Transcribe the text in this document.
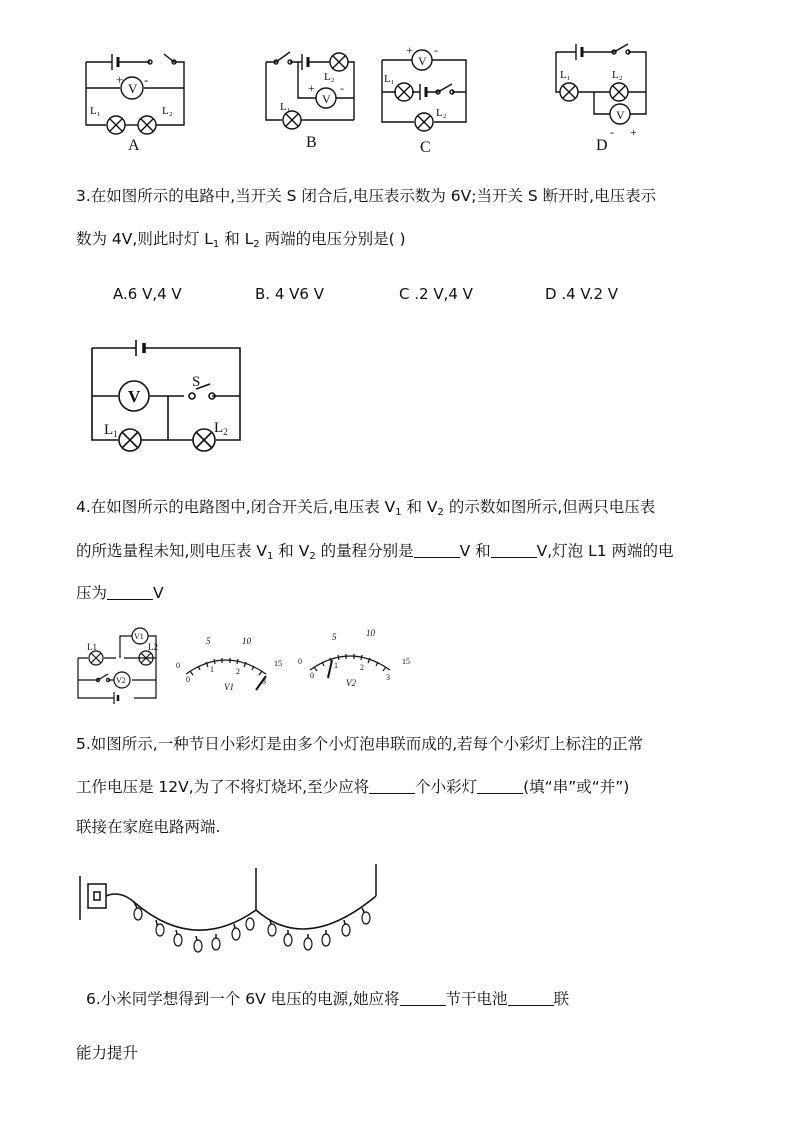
V
+ -
L₁	L₂
A
V
+ -
L₂
L₁
B
V
+ -
L₁
L₂
C
V
- +
L₁	L₂
D
3.在如图所示的电路中,当开关 S 闭合后,电压表示数为 6V;当开关 S 断开时,电压表示
数为 4V,则此时灯 $L_1$ 和 $L_2$ 两端的电压分别是( )
A.6 V,4 V	B. 4 V6 V	C .2 V,4 V	D .4 V.2 V
V
S
$L_1$	$L_2$
4.在如图所示的电路图中,闭合开关后,电压表 $V_1$ 和 $V_2$ 的示数如图所示,但两只电压表
的所选量程未知,则电压表 $V_1$ 和 $V_2$ 的量程分别是	V 和	V,灯泡 L1 两端的电
压为	V
L1	L2
V1
V2
0
5	10
15
0
1	2
3
V1
0
5	10
15
0
1	2
3
V2
5.如图所示,一种节日小彩灯是由多个小灯泡串联而成的,若每个小彩灯上标注的正常
工作电压是 12V,为了不将灯烧坏,至少应将	个小彩灯	(填“串”或“并”)
联接在家庭电路两端.
6.小米同学想得到一个 6V 电压的电源,她应将	节干电池	联
能力提升
